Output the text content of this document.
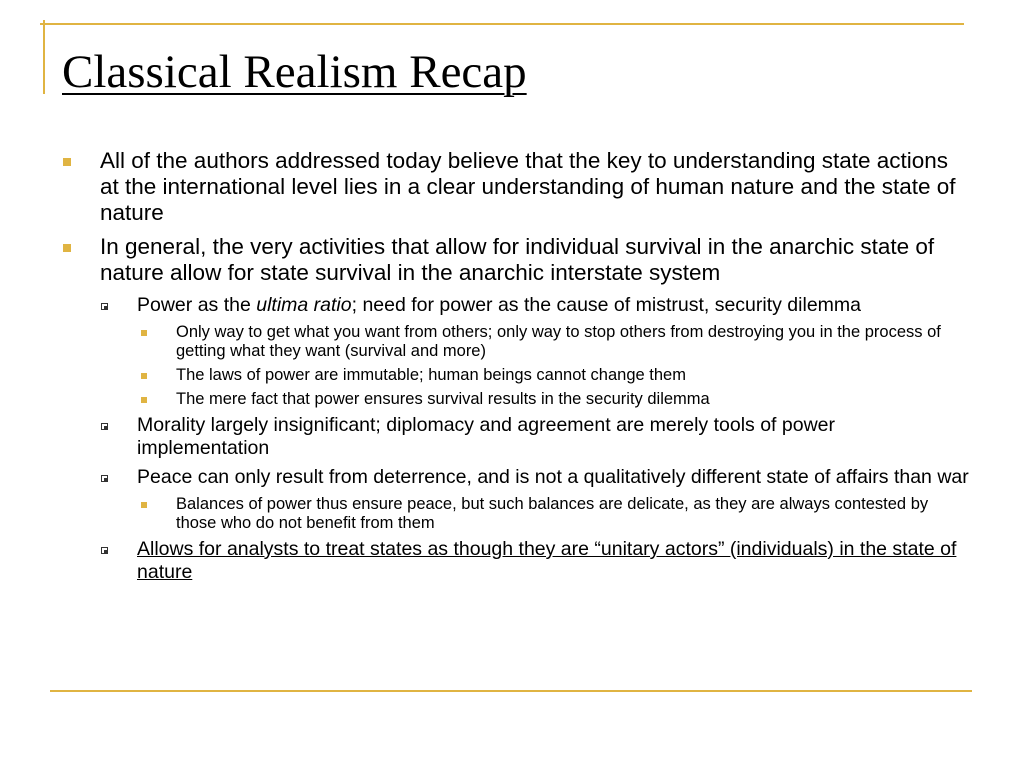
Classical Realism Recap
All of the authors addressed today believe that the key to understanding state actions at the international level lies in a clear understanding of human nature and the state of nature
In general, the very activities that allow for individual survival in the anarchic state of nature allow for state survival in the anarchic interstate system
Power as the ultima ratio; need for power as the cause of mistrust, security dilemma
Only way to get what you want from others; only way to stop others from destroying you in the process of getting what they want (survival and more)
The laws of power are immutable; human beings cannot change them
The mere fact that power ensures survival results in the security dilemma
Morality largely insignificant; diplomacy and agreement are merely tools of power implementation
Peace can only result from deterrence, and is not a qualitatively different state of affairs than war
Balances of power thus ensure peace, but such balances are delicate, as they are always contested by those who do not benefit from them
Allows for analysts to treat states as though they are “unitary actors” (individuals) in the state of nature
